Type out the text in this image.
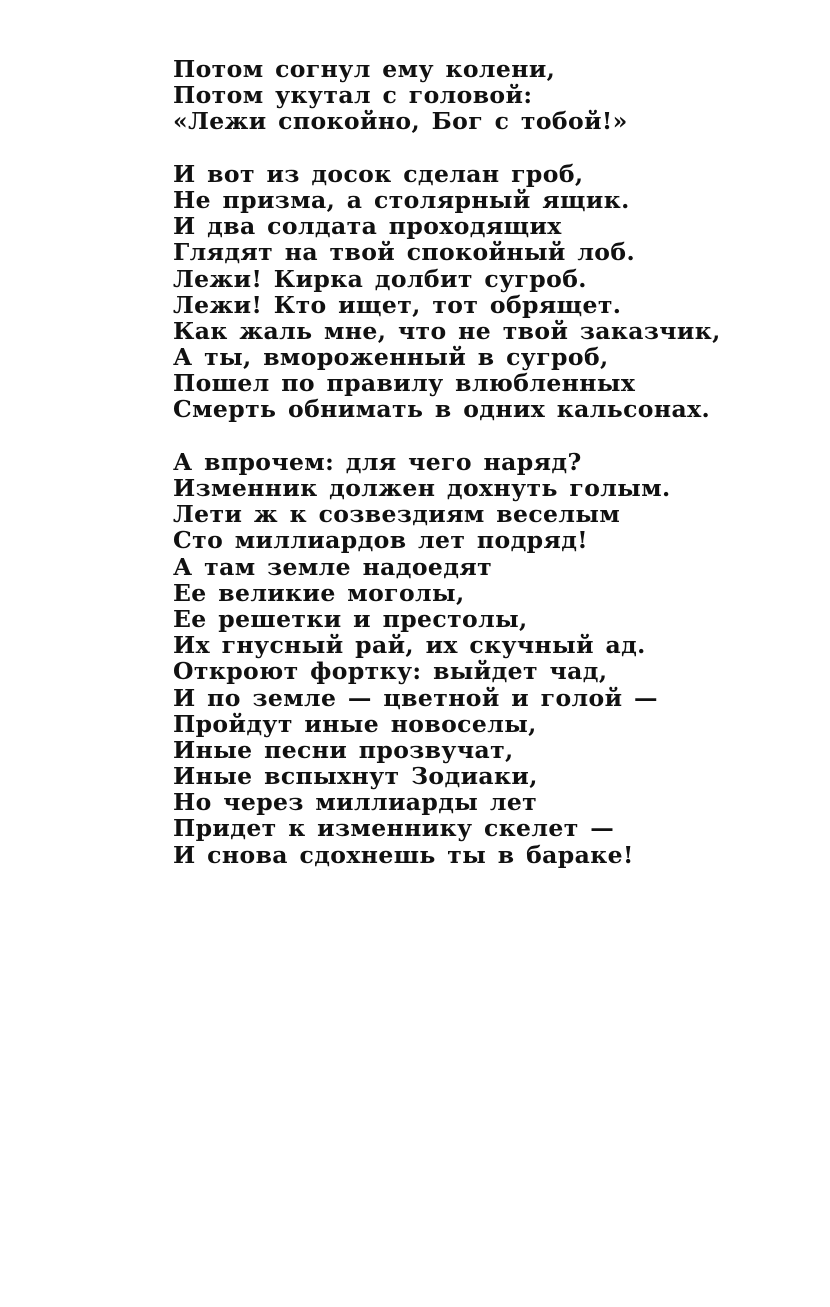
Потом согнул ему колени,
Потом укутал с головой:
«Лежи спокойно, Бог с тобой!»
И вот из досок сделан гроб,
Не призма, а столярный ящик.
И два солдата проходящих
Глядят на твой спокойный лоб.
Лежи! Кирка долбит сугроб.
Лежи! Кто ищет, тот обрящет.
Как жаль мне, что не твой заказчик,
А ты, вмороженный в сугроб,
Пошел по правилу влюбленных
Смерть обнимать в одних кальсонах.
А впрочем: для чего наряд?
Изменник должен дохнуть голым.
Лети ж к созвездиям веселым
Сто миллиардов лет подряд!
А там земле надоедят
Ее великие моголы,
Ее решетки и престолы,
Их гнусный рай, их скучный ад.
Откроют фортку: выйдет чад,
И по земле — цветной и голой —
Пройдут иные новоселы,
Иные песни прозвучат,
Иные вспыхнут Зодиаки,
Но через миллиарды лет
Придет к изменнику скелет —
И снова сдохнешь ты в бараке!
